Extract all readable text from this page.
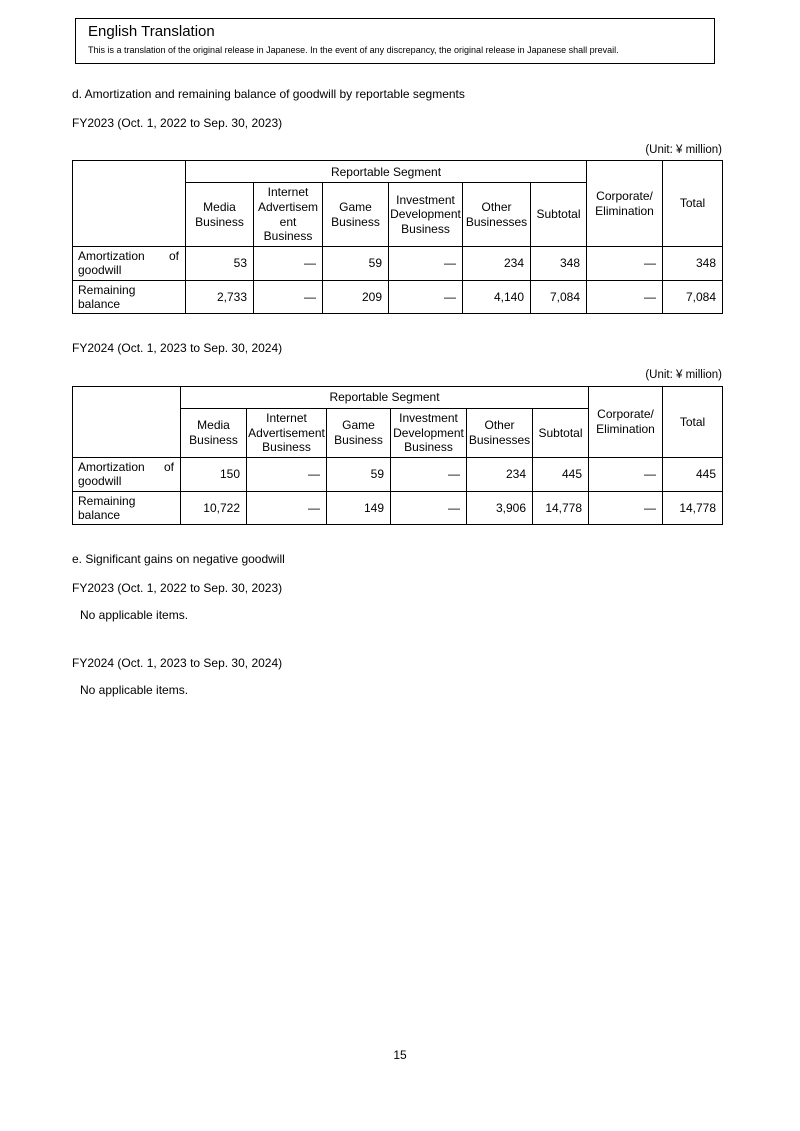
English Translation
This is a translation of the original release in Japanese. In the event of any discrepancy, the original release in Japanese shall prevail.

d. Amortization and remaining balance of goodwill by reportable segments

FY2023 (Oct. 1, 2022 to Sep. 30, 2023)

(Unit: ¥ million)

	Reportable Segment						Corporate/ Elimination	Total
	Media Business	Internet Advertisement Business	Game Business	Investment Development Business	Other Businesses	Subtotal		
Amortization of goodwill	53	—	59	—	234	348	—	348
Remaining balance	2,733	—	209	—	4,140	7,084	—	7,084

FY2024 (Oct. 1, 2023 to Sep. 30, 2024)

(Unit: ¥ million)

	Reportable Segment						Corporate/ Elimination	Total
	Media Business	Internet Advertisement Business	Game Business	Investment Development Business	Other Businesses	Subtotal		
Amortization of goodwill	150	—	59	—	234	445	—	445
Remaining balance	10,722	—	149	—	3,906	14,778	—	14,778

e. Significant gains on negative goodwill

FY2023 (Oct. 1, 2022 to Sep. 30, 2023)

No applicable items.

FY2024 (Oct. 1, 2023 to Sep. 30, 2024)

No applicable items.

15
